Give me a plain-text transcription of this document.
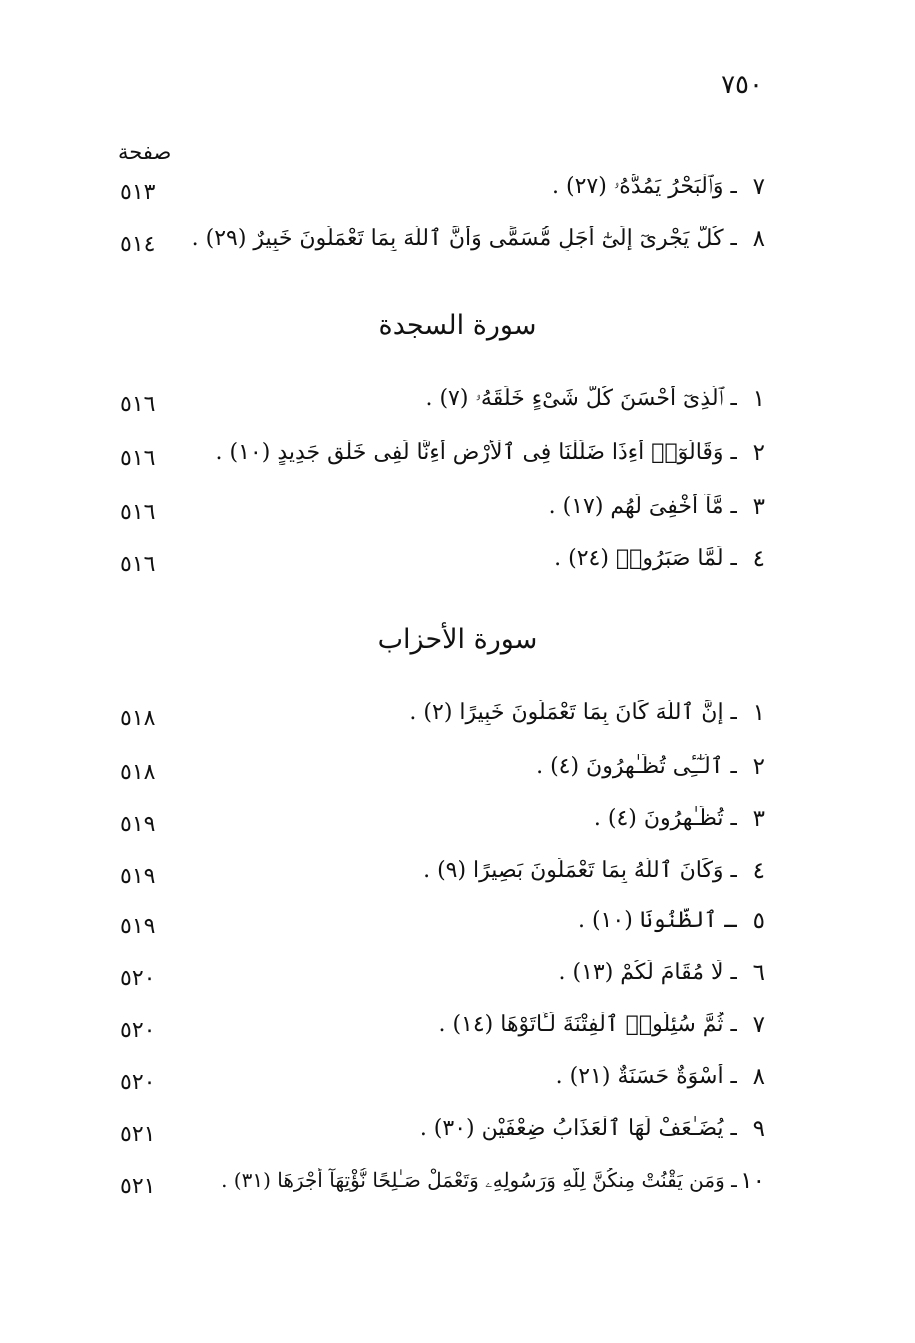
٧٥٠
صفحة
٧
ـ وَٱلْبَحْرُ يَمُدُّهُۥ (٢٧) .
٥١٣
٨
ـ كُلٌّ يَجْرِىٓ إِلَىٰٓ أَجَلٍ مُّسَمًّى وَأَنَّ ٱللَّهَ بِمَا تَعْمَلُونَ خَبِيرٌ (٢٩) .
٥١٤
سورة السجدة
١
ـ ٱلَّذِىٓ أَحْسَنَ كُلَّ شَىْءٍ خَلَقَهُۥ (٧) .
٥١٦
٢
ـ وَقَالُوٓا۟ أَءِذَا ضَلَلْنَا فِى ٱلْأَرْضِ أَءِنَّا لَفِى خَلْقٍ جَدِيدٍ (١٠) .
٥١٦
٣
ـ مَّآ أُخْفِىَ لَهُم (١٧) .
٥١٦
٤
ـ لَمَّا صَبَرُوا۟ (٢٤) .
٥١٦
سورة الأحزاب
١
ـ إِنَّ ٱللَّهَ كَانَ بِمَا تَعْمَلُونَ خَبِيرًا (٢) .
٥١٨
٢
ـ ٱلَّـٰٓـِٔى تُظَـٰهِرُونَ (٤) .
٥١٨
٣
ـ تُظَـٰهِرُونَ (٤) .
٥١٩
٤
ـ وَكَانَ ٱللَّهُ بِمَا تَعْمَلُونَ بَصِيرًا (٩) .
٥١٩
٥
ـ ٱلظُّنُونَا (١٠) .
٥١٩
٦
ـ لَا مُقَامَ لَكُمْ (١٣) .
٥٢٠
٧
ـ ثُمَّ سُئِلُوا۟ ٱلْفِتْنَةَ لَـَٔاتَوْهَا (١٤) .
٥٢٠
٨
ـ أُسْوَةٌ حَسَنَةٌ (٢١) .
٥٢٠
٩
ـ يُضَـٰعَفْ لَهَا ٱلْعَذَابُ ضِعْفَيْنِ (٣٠) .
٥٢١
١٠
ـ وَمَن يَقْنُتْ مِنكُنَّ لِلَّهِ وَرَسُولِهِۦ وَتَعْمَلْ صَـٰلِحًا نُّؤْتِهَآ أَجْرَهَا (٣١) .
٥٢١
